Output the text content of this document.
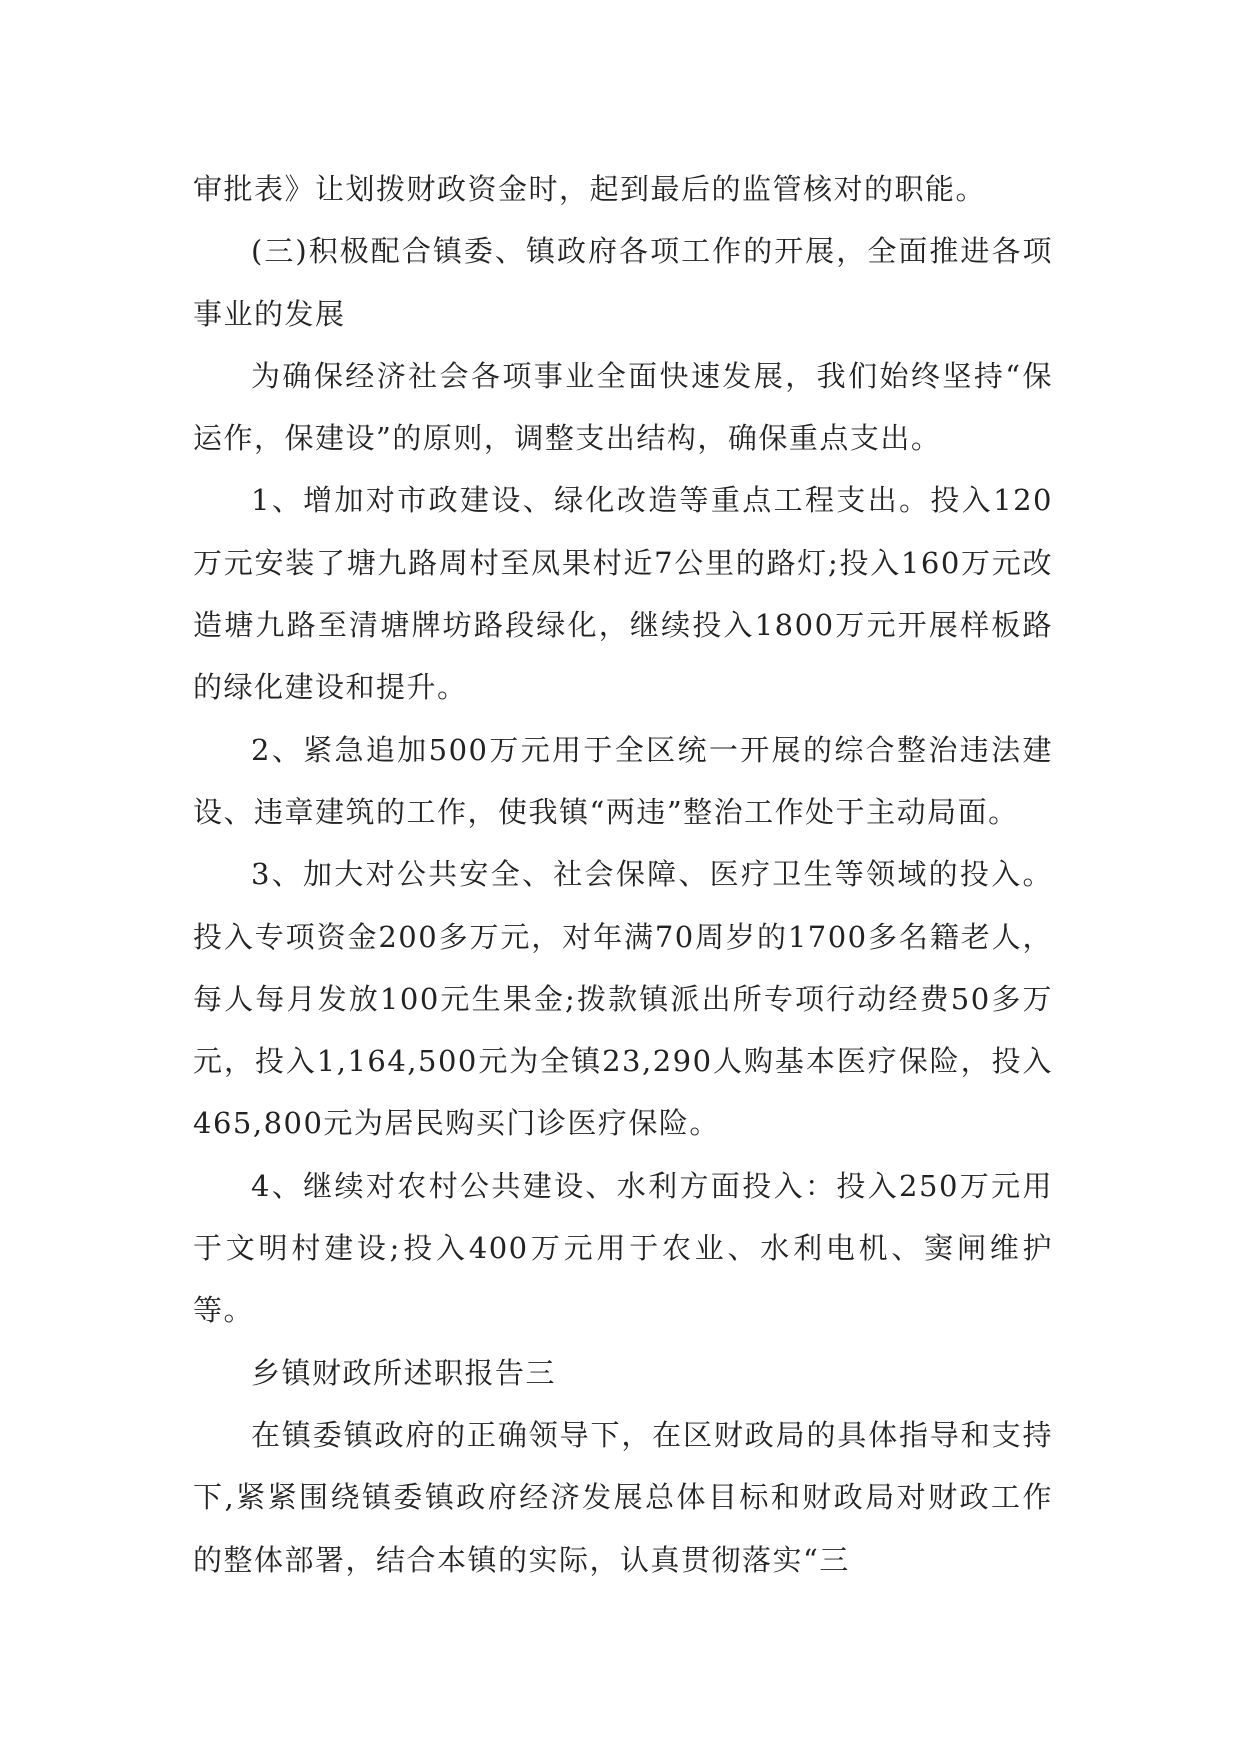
审批表》让划拨财政资金时，起到最后的监管核对的职能。

(三)积极配合镇委、镇政府各项工作的开展，全面推进各项事业的发展

为确保经济社会各项事业全面快速发展，我们始终坚持“保运作，保建设”的原则，调整支出结构，确保重点支出。

1、增加对市政建设、绿化改造等重点工程支出。投入120万元安装了塘九路周村至凤果村近7公里的路灯;投入160万元改造塘九路至清塘牌坊路段绿化，继续投入1800万元开展样板路的绿化建设和提升。

2、紧急追加500万元用于全区统一开展的综合整治违法建设、违章建筑的工作，使我镇“两违”整治工作处于主动局面。

3、加大对公共安全、社会保障、医疗卫生等领域的投入。投入专项资金200多万元，对年满70周岁的1700多名籍老人，每人每月发放100元生果金;拨款镇派出所专项行动经费50多万元，投入1,164,500元为全镇23,290人购基本医疗保险，投入465,800元为居民购买门诊医疗保险。

4、继续对农村公共建设、水利方面投入：投入250万元用于文明村建设;投入400万元用于农业、水利电机、窦闸维护等。

乡镇财政所述职报告三

在镇委镇政府的正确领导下，在区财政局的具体指导和支持下,紧紧围绕镇委镇政府经济发展总体目标和财政局对财政工作的整体部署，结合本镇的实际，认真贯彻落实“三
